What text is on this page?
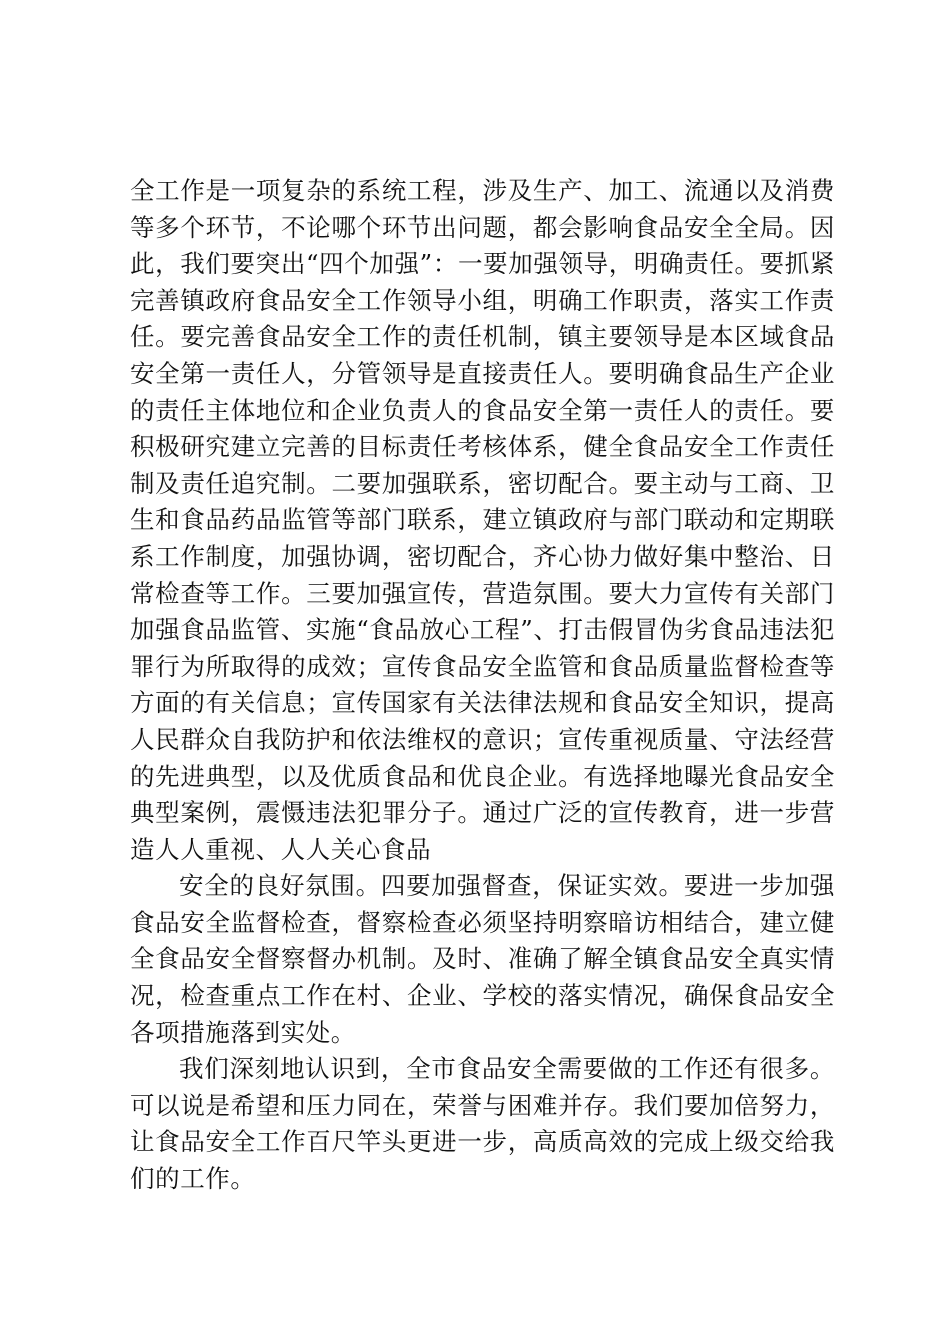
全工作是一项复杂的系统工程，涉及生产、加工、流通以及消费等多个环节，不论哪个环节出问题，都会影响食品安全全局。因此，我们要突出“四个加强”：一要加强领导，明确责任。要抓紧完善镇政府食品安全工作领导小组，明确工作职责，落实工作责任。要完善食品安全工作的责任机制，镇主要领导是本区域食品安全第一责任人，分管领导是直接责任人。要明确食品生产企业的责任主体地位和企业负责人的食品安全第一责任人的责任。要积极研究建立完善的目标责任考核体系，健全食品安全工作责任制及责任追究制。二要加强联系，密切配合。要主动与工商、卫生和食品药品监管等部门联系，建立镇政府与部门联动和定期联系工作制度，加强协调，密切配合，齐心协力做好集中整治、日常检查等工作。三要加强宣传，营造氛围。要大力宣传有关部门加强食品监管、实施“食品放心工程”、打击假冒伪劣食品违法犯罪行为所取得的成效；宣传食品安全监管和食品质量监督检查等方面的有关信息；宣传国家有关法律法规和食品安全知识，提高人民群众自我防护和依法维权的意识；宣传重视质量、守法经营的先进典型，以及优质食品和优良企业。有选择地曝光食品安全典型案例，震慑违法犯罪分子。通过广泛的宣传教育，进一步营造人人重视、人人关心食品

安全的良好氛围。四要加强督查，保证实效。要进一步加强食品安全监督检查，督察检查必须坚持明察暗访相结合，建立健全食品安全督察督办机制。及时、准确了解全镇食品安全真实情况，检查重点工作在村、企业、学校的落实情况，确保食品安全各项措施落到实处。

我们深刻地认识到，全市食品安全需要做的工作还有很多。可以说是希望和压力同在，荣誉与困难并存。我们要加倍努力，让食品安全工作百尺竿头更进一步，高质高效的完成上级交给我们的工作。
